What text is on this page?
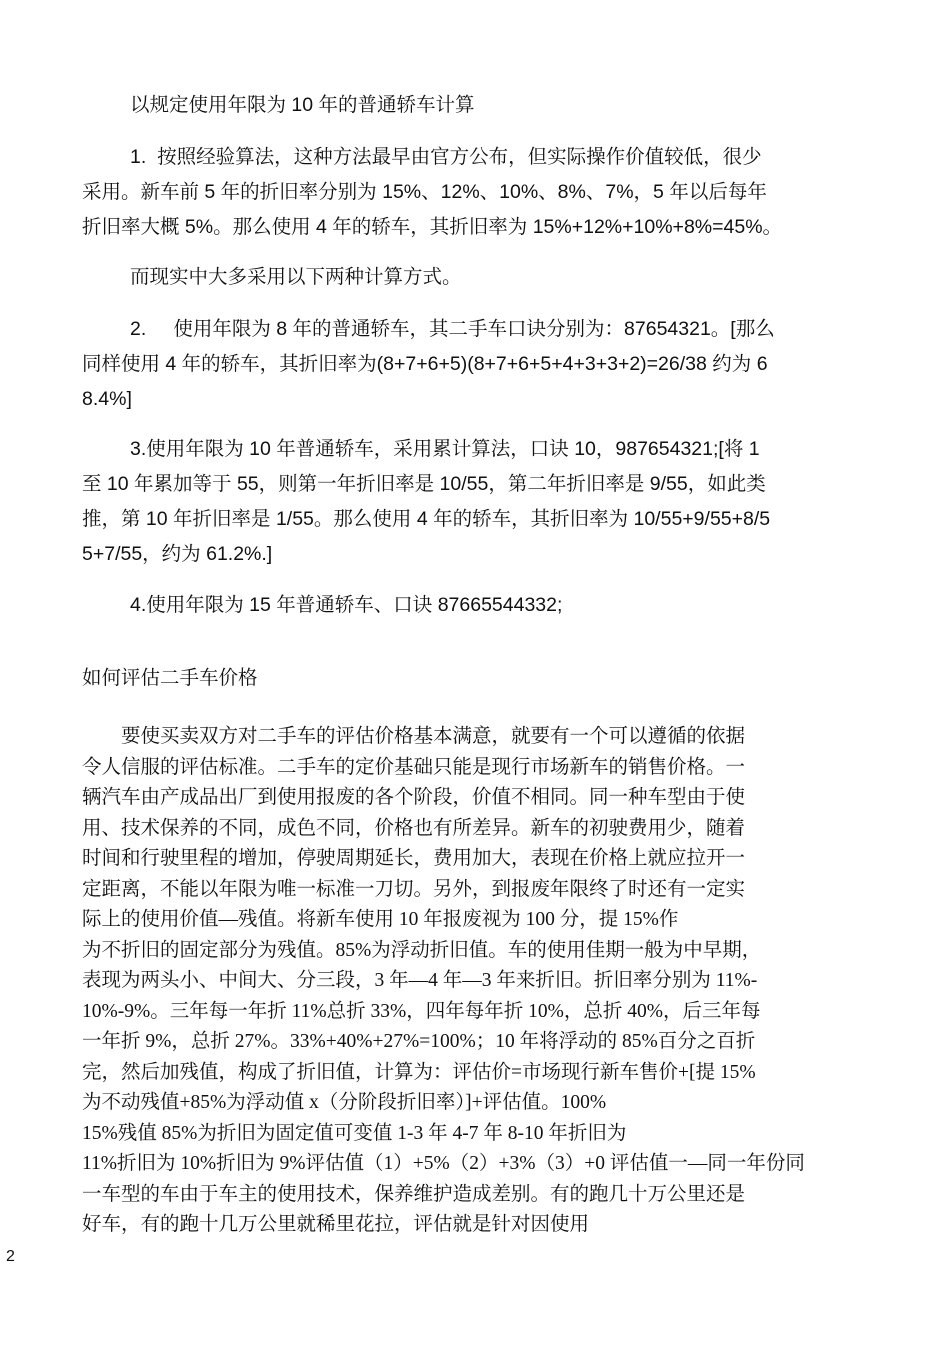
以规定使用年限为 10 年的普通轿车计算
1.  按照经验算法，这种方法最早由官方公布，但实际操作价值较低，很少
采用。新车前 5 年的折旧率分别为 15%、12%、10%、8%、7%，5 年以后每年
折旧率大概 5%。那么使用 4 年的轿车，其折旧率为 15%+12%+10%+8%=45%。
而现实中大多采用以下两种计算方式。
2.     使用年限为 8 年的普通轿车，其二手车口诀分别为：87654321。[那么
同样使用 4 年的轿车，其折旧率为(8+7+6+5)(8+7+6+5+4+3+3+2)=26/38 约为 6
8.4%]
3.使用年限为 10 年普通轿车，采用累计算法，口诀 10，987654321;[将 1
至 10 年累加等于 55，则第一年折旧率是 10/55，第二年折旧率是 9/55，如此类
推，第 10 年折旧率是 1/55。那么使用 4 年的轿车，其折旧率为 10/55+9/55+8/5
5+7/55，约为 61.2%.]
4.使用年限为 15 年普通轿车、口诀 87665544332;
如何评估二手车价格
要使买卖双方对二手车的评估价格基本满意，就要有一个可以遵循的依据
令人信服的评估标准。二手车的定价基础只能是现行市场新车的销售价格。一
辆汽车由产成品出厂到使用报废的各个阶段，价值不相同。同一种车型由于使
用、技术保养的不同，成色不同，价格也有所差异。新车的初驶费用少，随着
时间和行驶里程的增加，停驶周期延长，费用加大，表现在价格上就应拉开一
定距离，不能以年限为唯一标准一刀切。另外，到报废年限终了时还有一定实
际上的使用价值—残值。将新车使用 10 年报废视为 100 分，提 15%作
为不折旧的固定部分为残值。85%为浮动折旧值。车的使用佳期一般为中早期，
表现为两头小、中间大、分三段，3 年—4 年—3 年来折旧。折旧率分别为 11%-
10%-9%。三年每一年折 11%总折 33%，四年每年折 10%，总折 40%，后三年每
一年折 9%，总折 27%。33%+40%+27%=100%；10 年将浮动的 85%百分之百折
完，然后加残值，构成了折旧值，计算为：评估价=市场现行新车售价+[提 15%
为不动残值+85%为浮动值 x（分阶段折旧率）]+评估值。100%
15%残值 85%为折旧为固定值可变值 1-3 年 4-7 年 8-10 年折旧为
11%折旧为 10%折旧为 9%评估值（1）+5%（2）+3%（3）+0 评估值一—同一年份同
一车型的车由于车主的使用技术，保养维护造成差别。有的跑几十万公里还是
好车，有的跑十几万公里就稀里花拉，评估就是针对因使用
2
